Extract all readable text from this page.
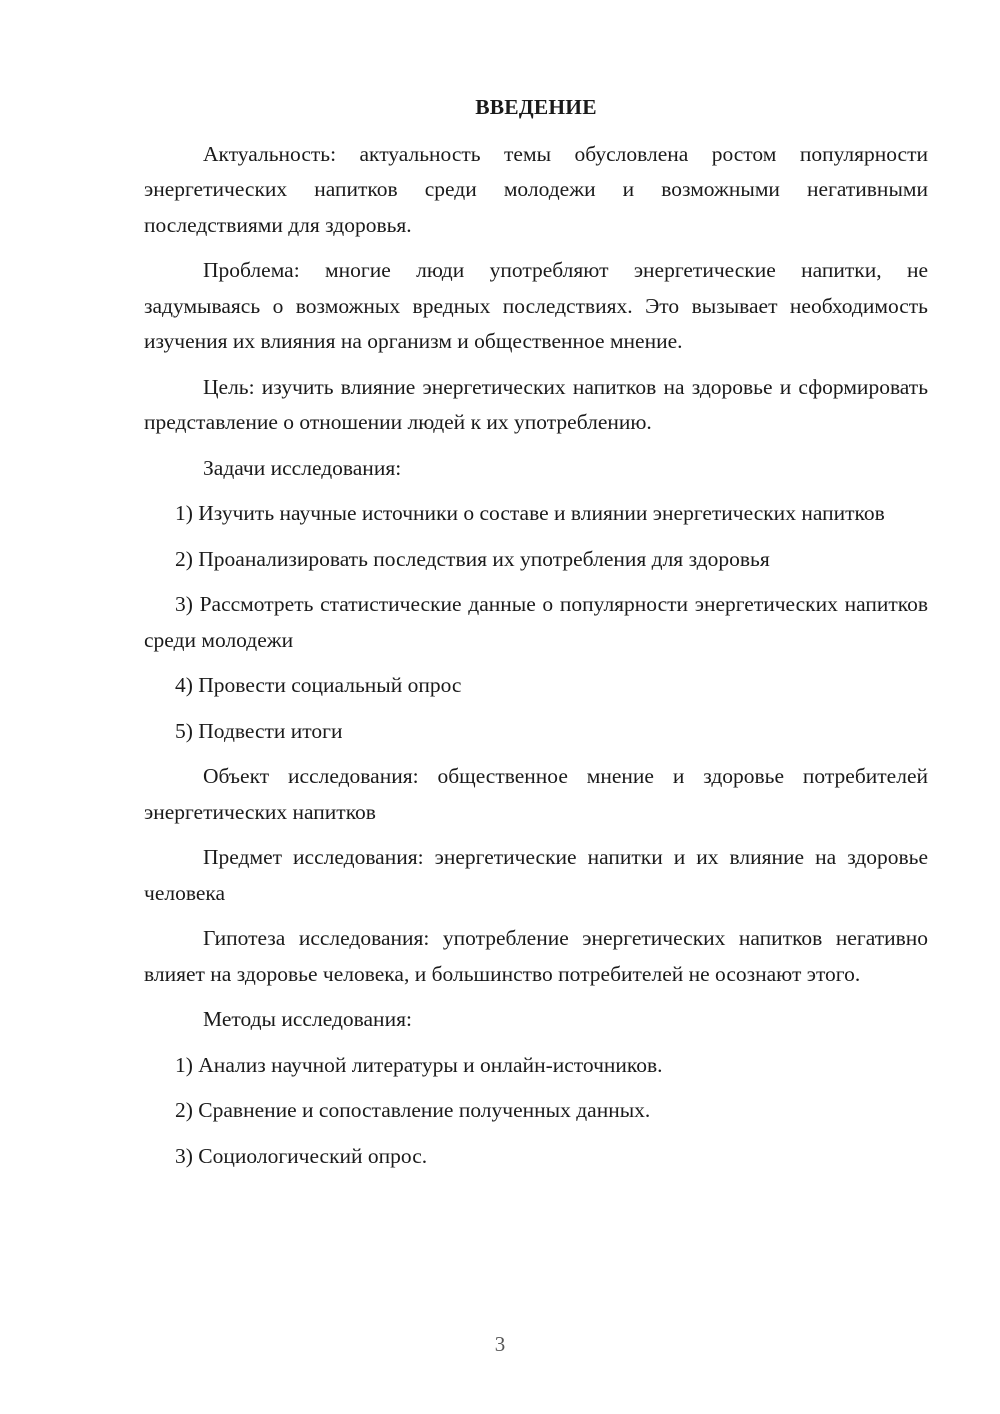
ВВЕДЕНИЕ

Актуальность: актуальность темы обусловлена ростом популярности энергетических напитков среди молодежи и возможными негативными последствиями для здоровья.

Проблема: многие люди употребляют энергетические напитки, не задумываясь о возможных вредных последствиях. Это вызывает необходимость изучения их влияния на организм и общественное мнение.

Цель: изучить влияние энергетических напитков на здоровье и сформировать представление о отношении людей к их употреблению.

Задачи исследования:

1) Изучить научные источники о составе и влиянии энергетических напитков

2) Проанализировать последствия их употребления для здоровья

3) Рассмотреть статистические данные о популярности энергетических напитков среди молодежи

4) Провести социальный опрос

5) Подвести итоги

Объект исследования: общественное мнение и здоровье потребителей энергетических напитков

Предмет исследования: энергетические напитки и их влияние на здоровье человека

Гипотеза исследования: употребление энергетических напитков негативно влияет на здоровье человека, и большинство потребителей не осознают этого.

Методы исследования:

1) Анализ научной литературы и онлайн-источников.

2) Сравнение и сопоставление полученных данных.

3) Социологический опрос.

3
